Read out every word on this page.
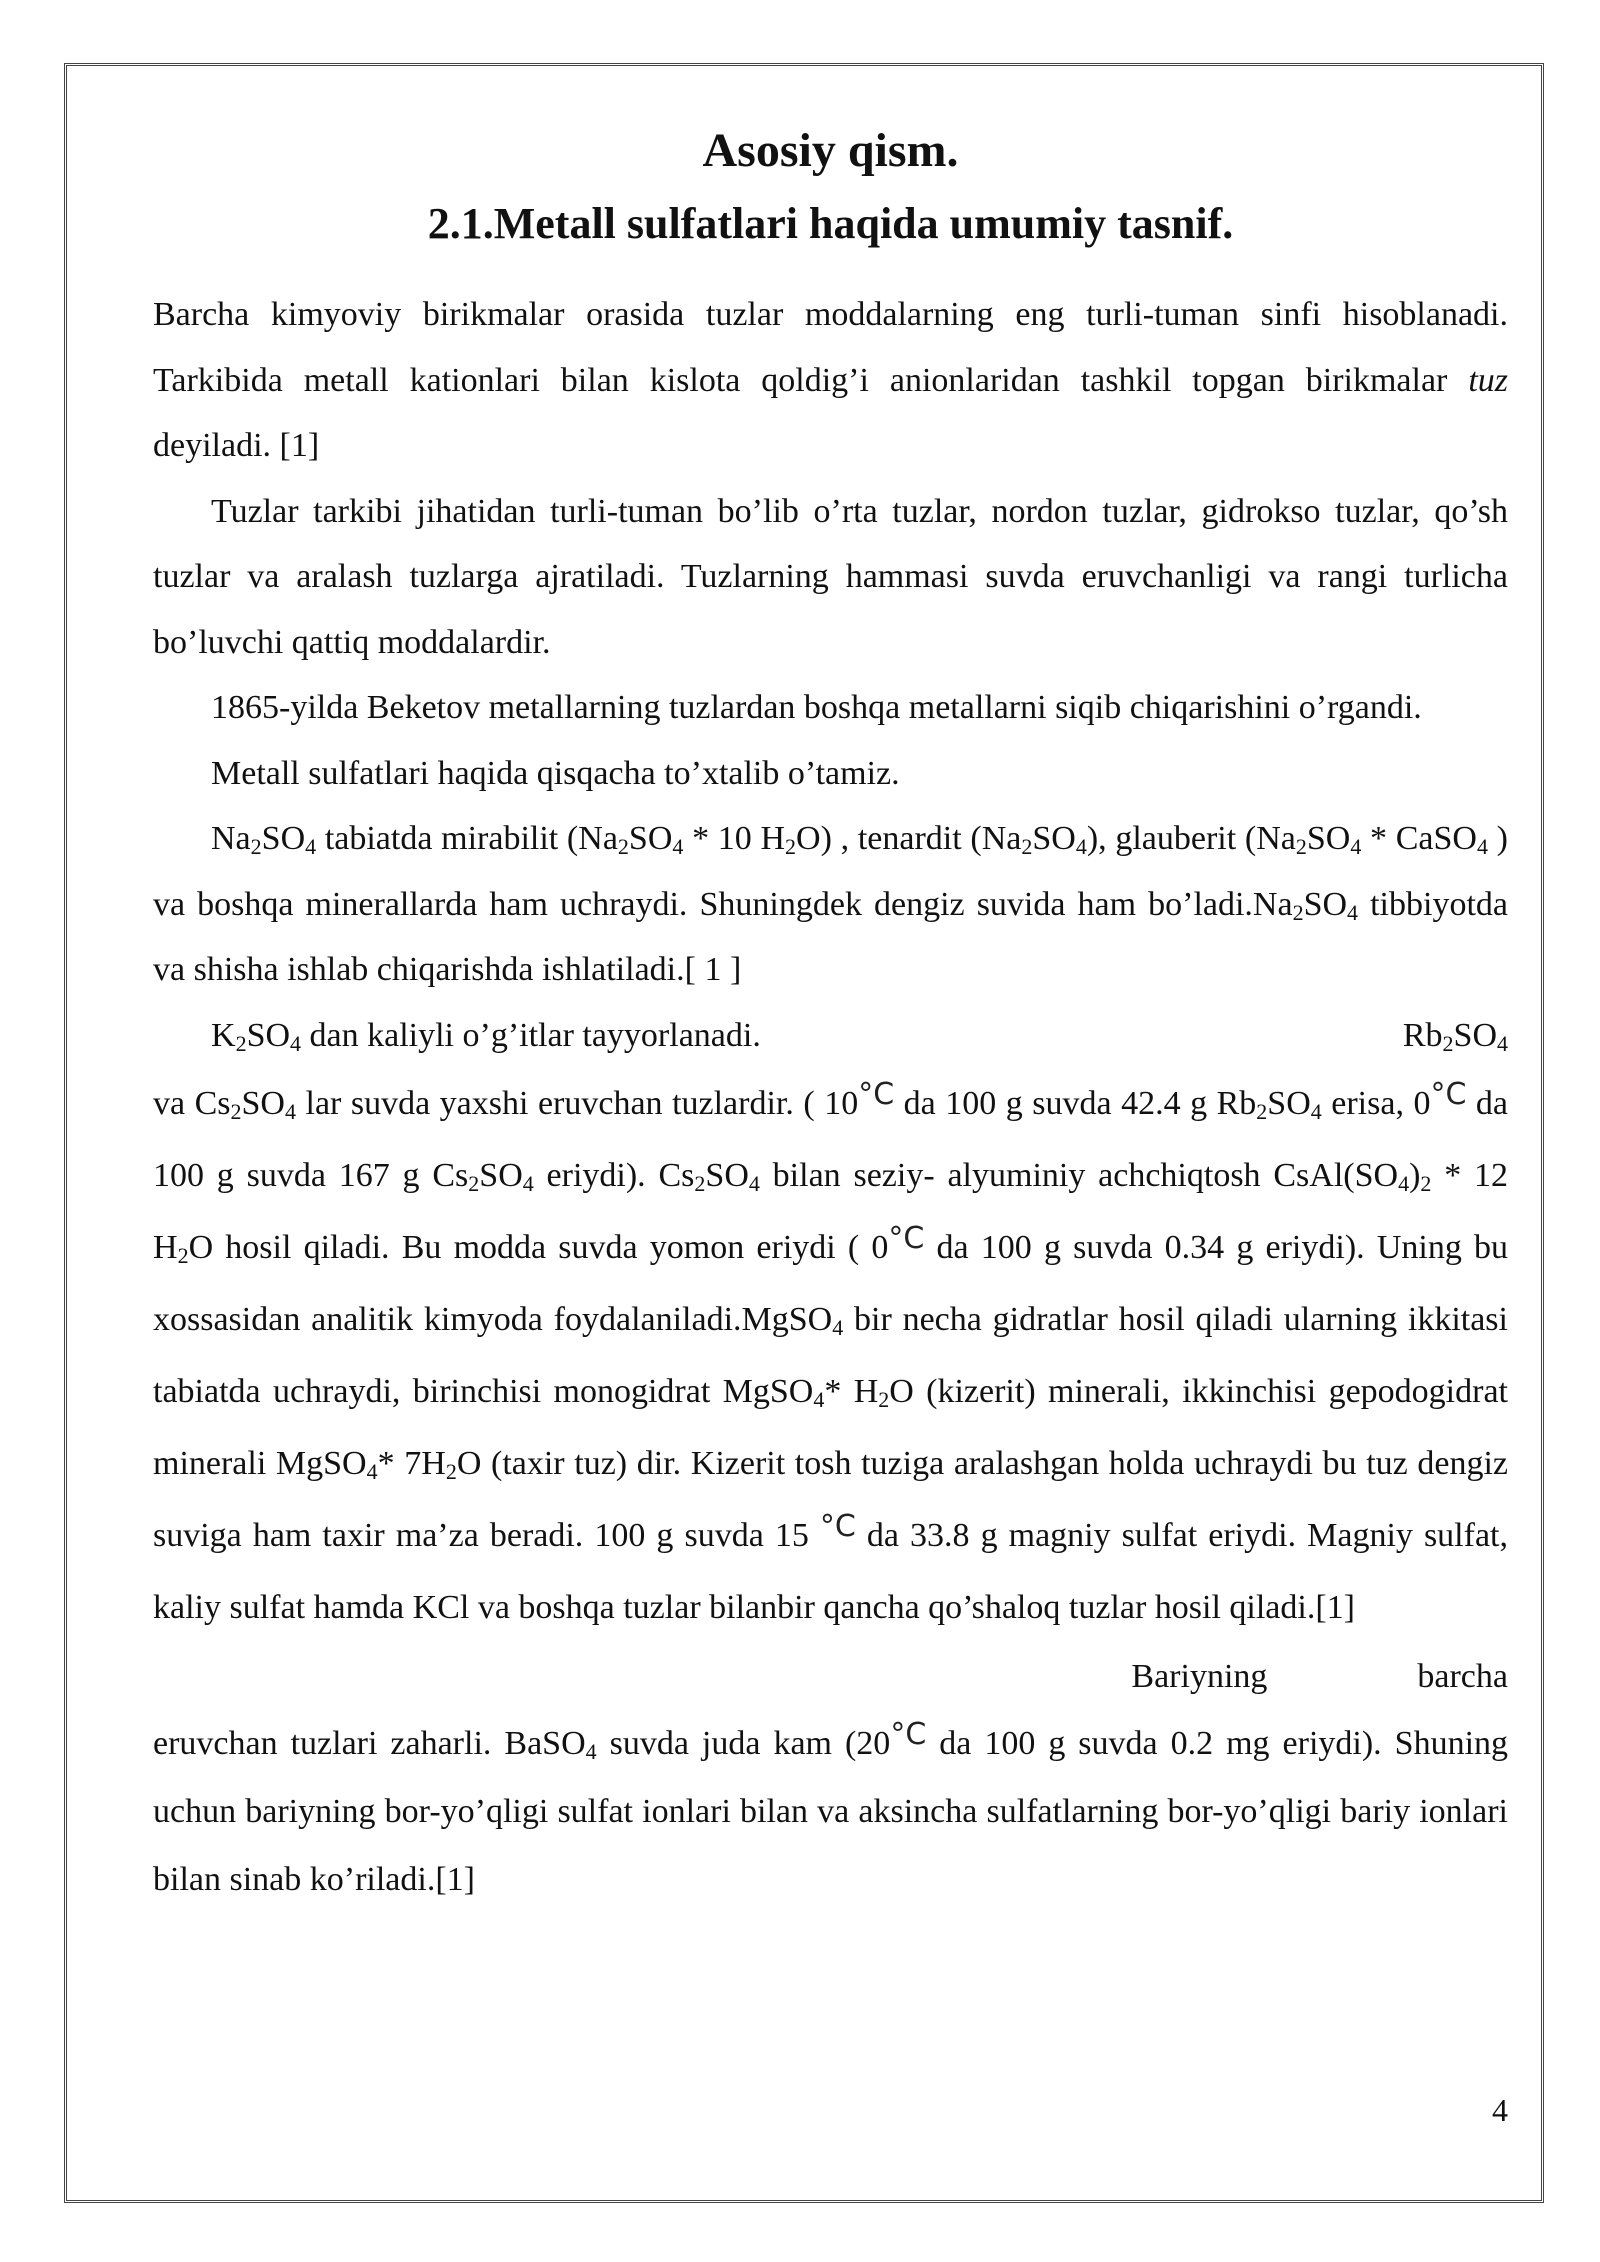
Asosiy qism.
2.1.Metall sulfatlari haqida umumiy tasnif.

Barcha kimyoviy birikmalar orasida tuzlar moddalarning eng turli-tuman sinfi hisoblanadi. Tarkibida metall kationlari bilan kislota qoldig’i anionlaridan tashkil topgan birikmalar tuz deyiladi. [1]

Tuzlar tarkibi jihatidan turli-tuman bo’lib o’rta tuzlar, nordon tuzlar, gidrokso tuzlar, qo’sh tuzlar va aralash tuzlarga ajratiladi. Tuzlarning hammasi suvda eruvchanligi va rangi turlicha bo’luvchi qattiq moddalardir.

1865-yilda Beketov metallarning tuzlardan boshqa metallarni siqib chiqarishini o’rgandi.

Metall sulfatlari haqida qisqacha to’xtalib o’tamiz.

$Na_2SO_4$ tabiatda mirabilit ($Na_2SO_4 * 10$ $H_2O$) , tenardit $(Na_2SO_4)$, glauberit ($Na_2SO_4$ * CaSO$_4$ ) va boshqa minerallarda ham uchraydi. Shuningdek dengiz suvida ham $bo’ladi.Na_2SO_4$ tibbiyotda va shisha ishlab chiqarishda ishlatiladi.[ 1 ]

$K_2SO_4$ dan kaliyli o’g’itlar tayyorlanadi.	$Rb_2SO_4$

va $Cs_2SO_4$ lar suvda yaxshi eruvchan tuzlardir. ( 10°C da 100 g suvda 42.4 g $Rb_2SO_4$ erisa, 0°C da 100 g suvda 167 g $Cs_2SO_4$ eriydi). $Cs_2SO_4$ bilan seziy- alyuminiy achchiqtosh $CsAl(SO_4)_2 * 12$ $H_2O$ hosil qiladi. Bu modda suvda yomon eriydi ( 0°C da 100 g suvda 0.34 g eriydi). Uning bu xossasidan analitik kimyoda foydalaniladi.MgSO$_4$ bir necha gidratlar hosil qiladi ularning ikkitasi tabiatda uchraydi, birinchisi monogidrat MgSO$_4$* $H_2O$ (kizerit) minerali, ikkinchisi gepodogidrat minerali MgSO$_4$* $7H_2O$ (taxir tuz) dir. Kizerit tosh tuziga aralashgan holda uchraydi bu tuz dengiz suviga ham taxir ma’za beradi. 100 g suvda 15 °C da 33.8 g magniy sulfat eriydi. Magniy sulfat, kaliy sulfat hamda KCl va boshqa tuzlar bilanbir qancha qo’shaloq tuzlar hosil qiladi.[1]

Bariyning	barcha

eruvchan tuzlari zaharli. BaSO$_4$ suvda juda kam (20°C da 100 g suvda 0.2 mg eriydi). Shuning uchun bariyning bor-yo’qligi sulfat ionlari bilan va aksincha sulfatlarning bor-yo’qligi bariy ionlari bilan sinab ko’riladi.[1]

4
